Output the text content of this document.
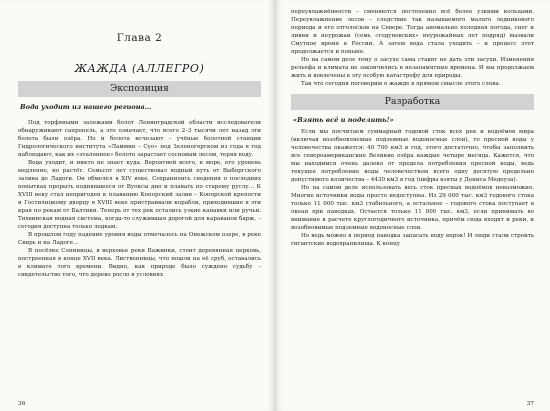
Глава 2
ЖАЖДА (АЛЛЕГРО)
Экспозиция
Вода уходит из нашего региона…

Под торфяными залежами болот Ленинградской области исследователи обнаруживают сапропель, а это означает, что всего 2–3 тысячи лет назад эти болота были озёра. Но и болота исчезают – учёные болотной станции Гидрологического института «Ламмин – Суо» под Зеленогорском из года в год наблюдают, как их «эталонное» болото зарастает сосновым лесом, теряя воду.

Вода уходит, и никто не знает куда. Вероятней всего, в море, его уровень медленно, но растёт. Семьсот лет существовал водный путь от Выборгского залива до Ладоги. Он обмелел в XIV веке. Сохранились сведения о последних попытках прорыть поднявшееся от Вуоксы дно и плавать по старому руслу… К XVIII веку стал непригоден к плаванию Копорский залив – Копорской крепости и Гостилицкому дворцу в XVIII веке пристраивали корабли, приходившие в эти края по рекам от Балтики. Теперь от тех рек остались узкие канавки или ручьи. Тихвинская водная система, когда-то служившая дорогой для караванов барж, – сегодня доступна только лодкам.

В прошлом году падение уровня воды отмечалось на Онежском озере, в реке Свирь и на Ладоге…

В посёлке Сопиницы, в верховье реки Важинки, стоит деревянная церковь, построенная в конце XVII века. Лиственницы, что пошли на её сруб, оставались в климате того времени. Видно, как природе было суждено судьбу – свидетельство того, что дерево росло в условиях

36

переувлажнённости – сменяются постепенно всё более узкими кольцами. Переувлажнение лесов – следствие так называемого малого ледникового периода и его отголосков на Севере. Тогда аномально холодная погода, снег и ливни и неурожаи (семь «годуновских» неурожайных лет подряд) вызвали Смутное время в России. А затем вода стала уходить – и процесс этот продолжается и поныне.

Но на самом деле тему о засухе сама ставит не дать эти засухи. Изменения рельефа и климата не закончились в незапамятные времена. И мы продолжаем жить и вовлечены в эту особую катастрофу для природы.

Так что сегодня поговорим о жажде в прямом смысле этого слова.

Разработка
«Взять всё и поделить!»

Если мы посчитаем суммарный годовой сток всех рек и водоёмов мира (включая возобновляемые подземные водоносные слои), то пресной воды у человечества окажется: 40 700 км3 в год, этого достаточно, чтобы заполнить все североамериканские Великие озёра каждые четыре месяца. Кажется, что мы находимся очень далеко от предела потребления пресной воды, ведь текущее потребление воды человечеством всего одну десятую предельно допустимого количества – 4430 км3 в год (цифры взяты у Дениса Медоуза).

Но на самом деле использовать весь сток пресных водоёмов невозможно. Многие источники воды просто недоступны. Из 29 000 тыс. км3 годового стока только 11 000 тыс. км3 стабильного, а остальное – годового стока поступает в океан при паводках. Остается только 11 000 тыс. км3, если принимать во внимание к расчете круглогодичного источника, причём сюда входят и реки, и возобновимые подземные водоносные слои.

Но ведь можно в период паводка запасать воду впрок! И люди стали строить гигантские водохранилища. К концу

37
